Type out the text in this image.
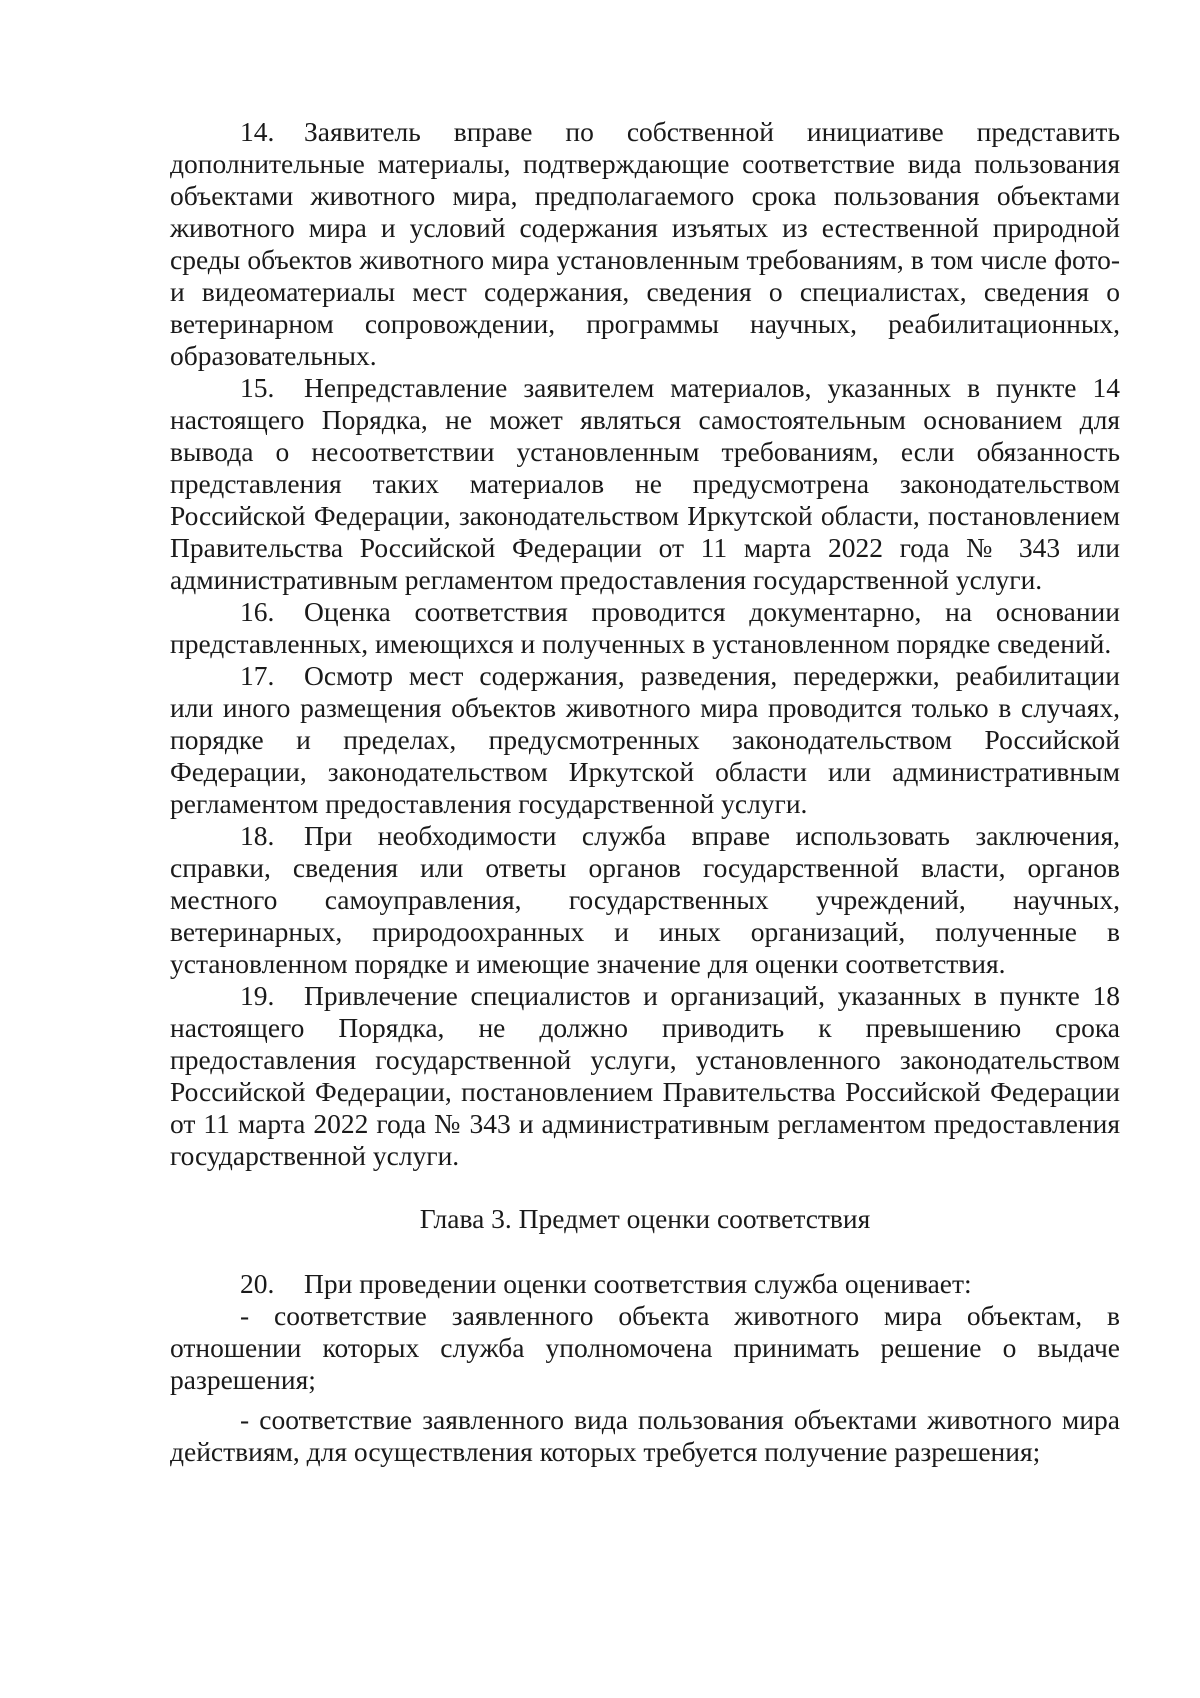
14. Заявитель вправе по собственной инициативе представить дополнительные материалы, подтверждающие соответствие вида пользования объектами животного мира, предполагаемого срока пользования объектами животного мира и условий содержания изъятых из естественной природной среды объектов животного мира установленным требованиям, в том числе фото- и видеоматериалы мест содержания, сведения о специалистах, сведения о ветеринарном сопровождении, программы научных, реабилитационных, образовательных.

15. Непредставление заявителем материалов, указанных в пункте 14 настоящего Порядка, не может являться самостоятельным основанием для вывода о несоответствии установленным требованиям, если обязанность представления таких материалов не предусмотрена законодательством Российской Федерации, законодательством Иркутской области, постановлением Правительства Российской Федерации от 11 марта 2022 года № 343 или административным регламентом предоставления государственной услуги.

16. Оценка соответствия проводится документарно, на основании представленных, имеющихся и полученных в установленном порядке сведений.

17. Осмотр мест содержания, разведения, передержки, реабилитации или иного размещения объектов животного мира проводится только в случаях, порядке и пределах, предусмотренных законодательством Российской Федерации, законодательством Иркутской области или административным регламентом предоставления государственной услуги.

18. При необходимости служба вправе использовать заключения, справки, сведения или ответы органов государственной власти, органов местного самоуправления, государственных учреждений, научных, ветеринарных, природоохранных и иных организаций, полученные в установленном порядке и имеющие значение для оценки соответствия.

19. Привлечение специалистов и организаций, указанных в пункте 18 настоящего Порядка, не должно приводить к превышению срока предоставления государственной услуги, установленного законодательством Российской Федерации, постановлением Правительства Российской Федерации от 11 марта 2022 года № 343 и административным регламентом предоставления государственной услуги.

Глава 3. Предмет оценки соответствия

20. При проведении оценки соответствия служба оценивает:

- соответствие заявленного объекта животного мира объектам, в отношении которых служба уполномочена принимать решение о выдаче разрешения;

- соответствие заявленного вида пользования объектами животного мира действиям, для осуществления которых требуется получение разрешения;
